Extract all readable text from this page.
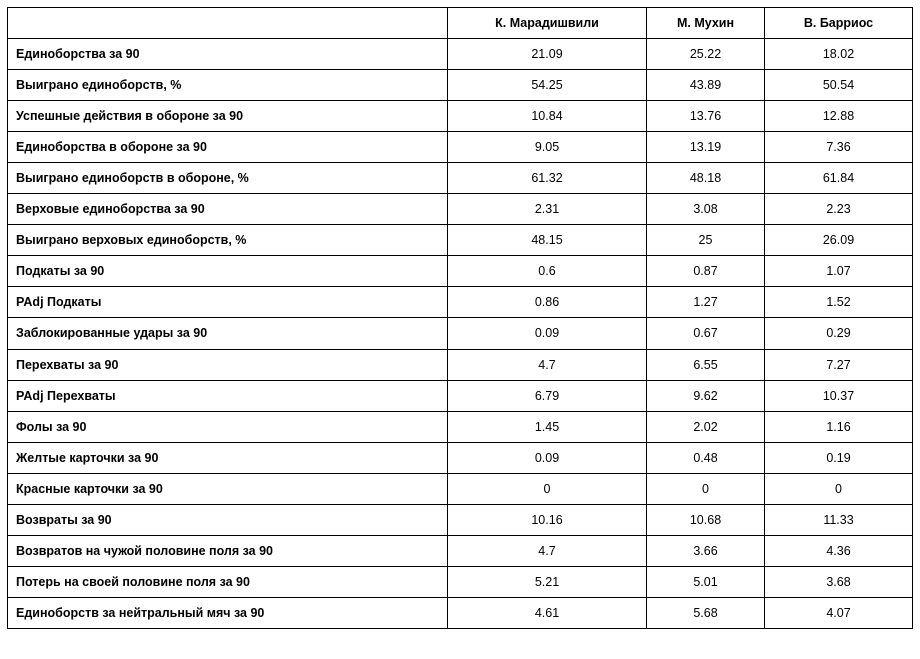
	К. Марадишвили	М. Мухин	В. Барриос
Единоборства за 90	21.09	25.22	18.02
Выиграно единоборств, %	54.25	43.89	50.54
Успешные действия в обороне за 90	10.84	13.76	12.88
Единоборства в обороне за 90	9.05	13.19	7.36
Выиграно единоборств в обороне, %	61.32	48.18	61.84
Верховые единоборства за 90	2.31	3.08	2.23
Выиграно верховых единоборств, %	48.15	25	26.09
Подкаты за 90	0.6	0.87	1.07
PAdj Подкаты	0.86	1.27	1.52
Заблокированные удары за 90	0.09	0.67	0.29
Перехваты за 90	4.7	6.55	7.27
PAdj Перехваты	6.79	9.62	10.37
Фолы за 90	1.45	2.02	1.16
Желтые карточки за 90	0.09	0.48	0.19
Красные карточки за 90	0	0	0
Возвраты за 90	10.16	10.68	11.33
Возвратов на чужой половине поля за 90	4.7	3.66	4.36
Потерь на своей половине поля за 90	5.21	5.01	3.68
Единоборств за нейтральный мяч за 90	4.61	5.68	4.07
